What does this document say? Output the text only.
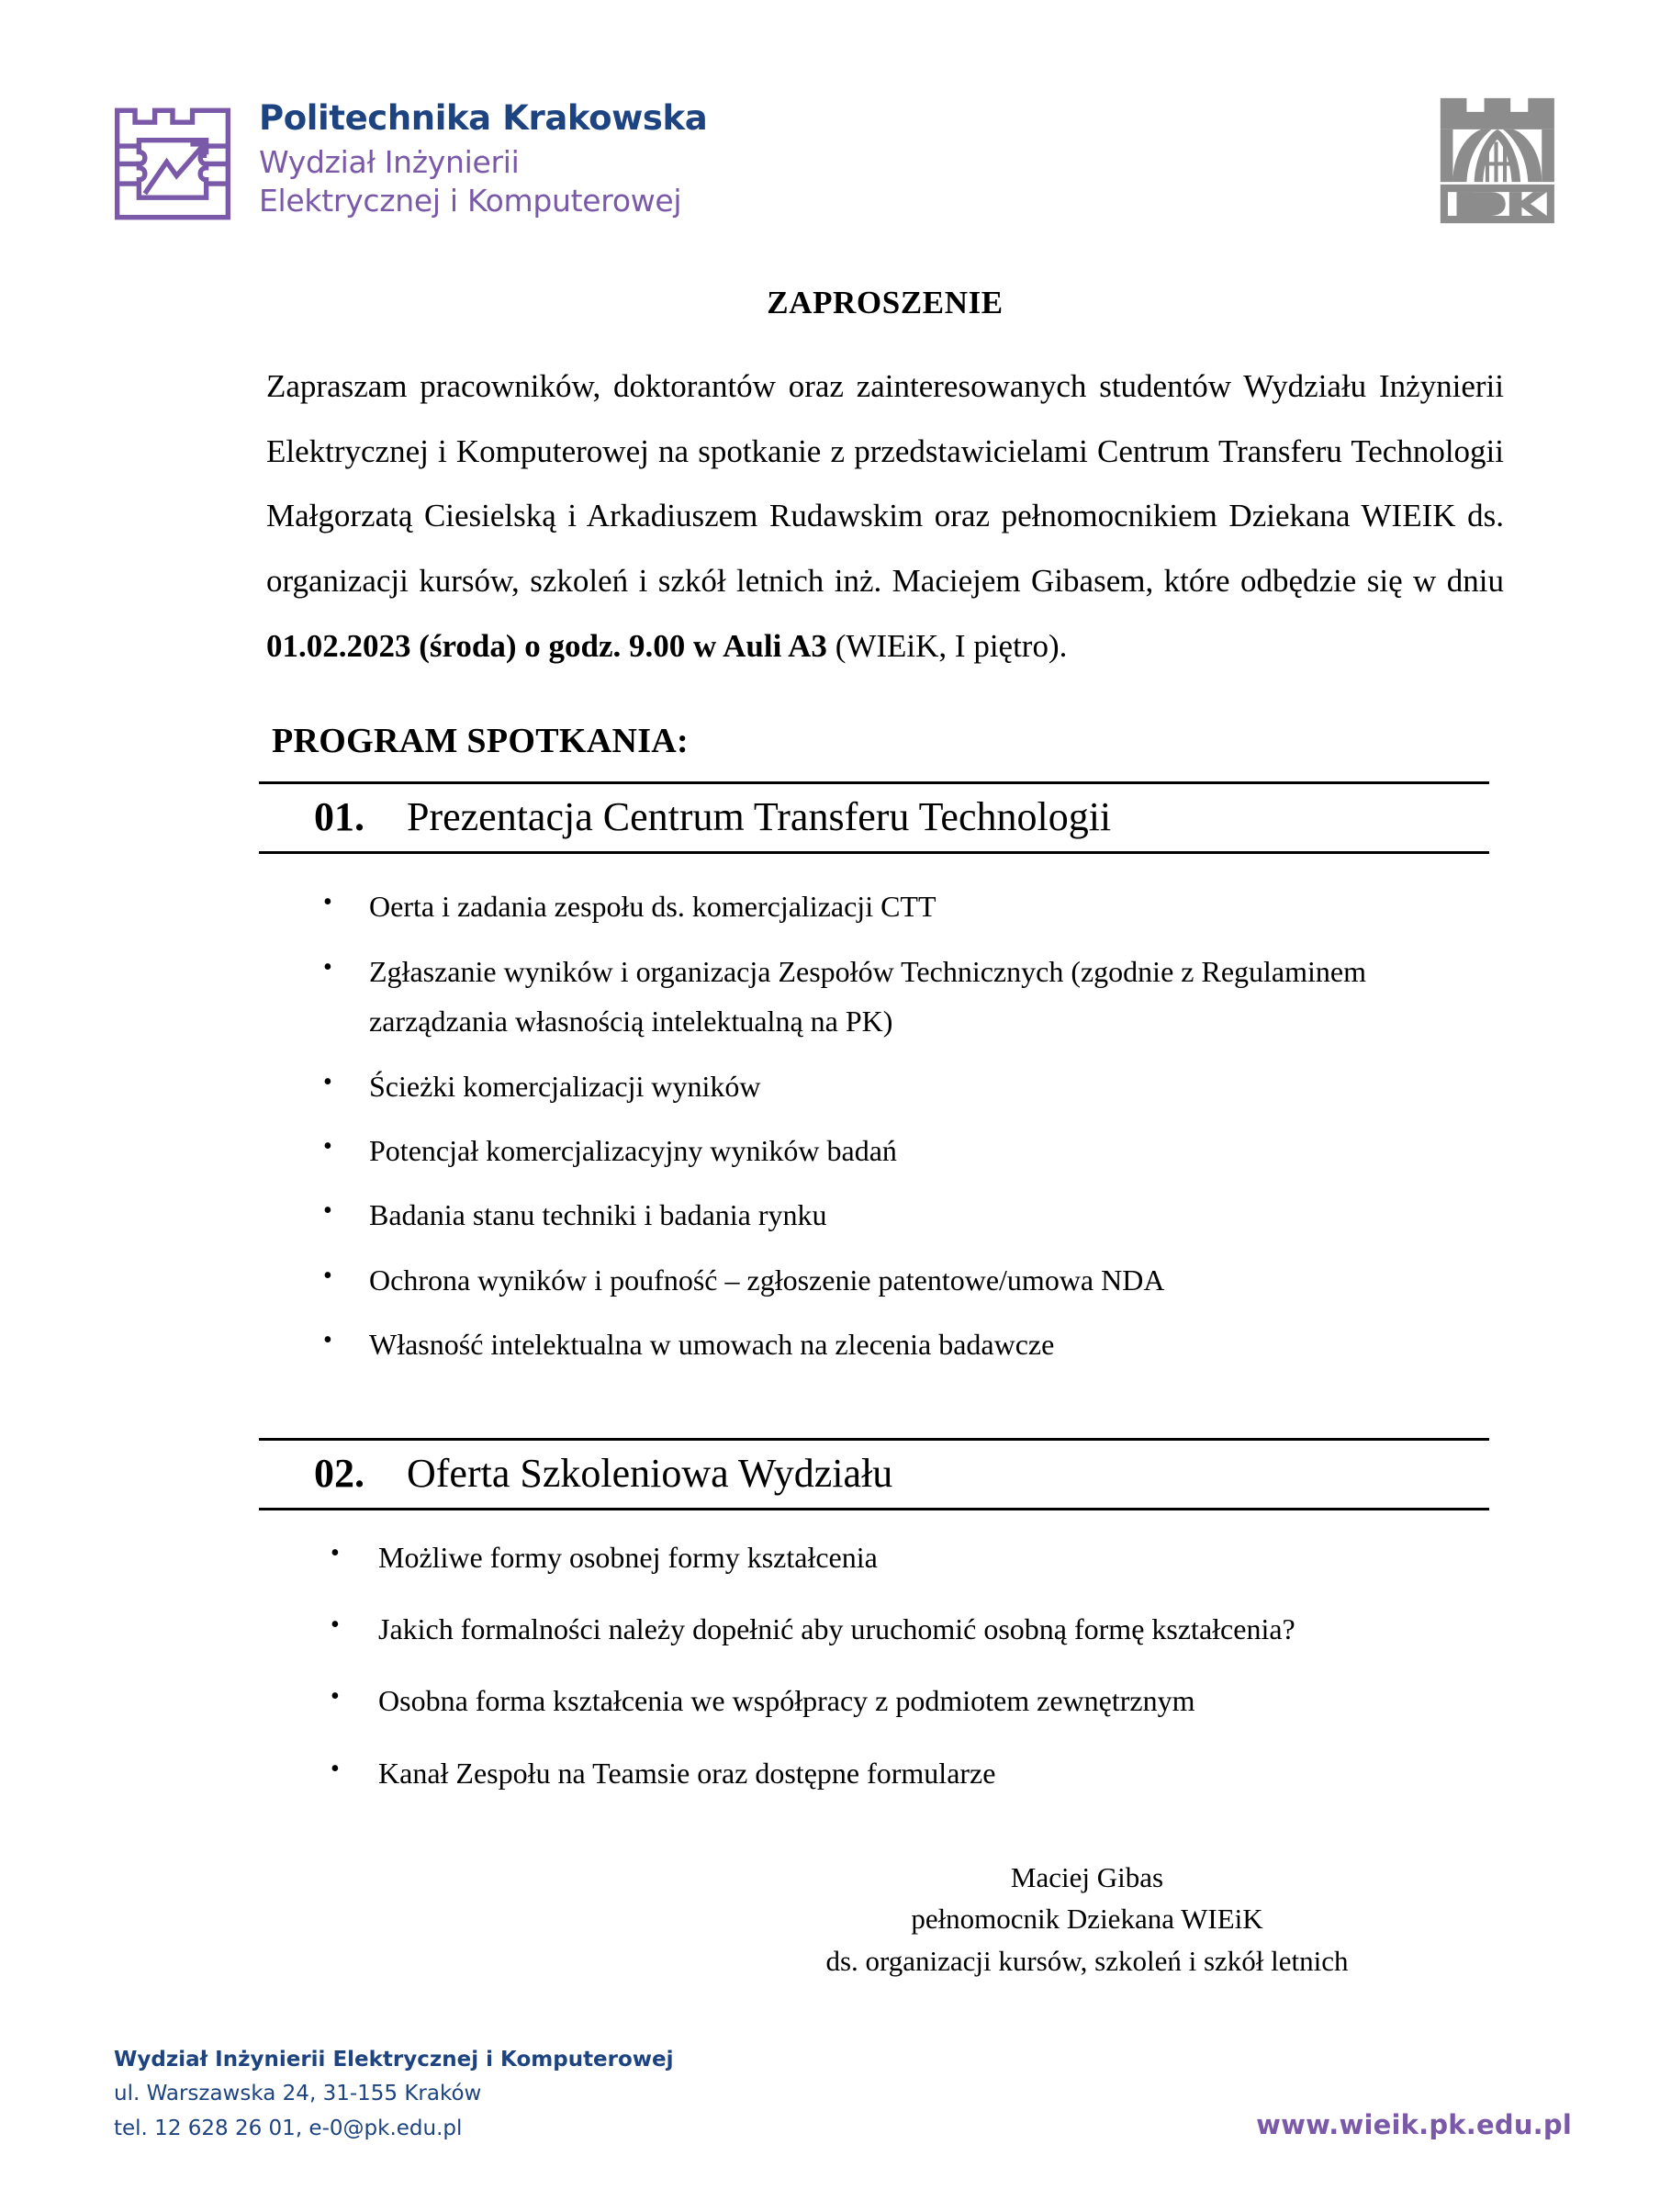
Politechnika Krakowska
Wydział Inżynierii
Elektrycznej i Komputerowej
ZAPROSZENIE

Zapraszam pracowników, doktorantów oraz zainteresowanych studentów Wydziału Inżynierii Elektrycznej i Komputerowej na spotkanie z przedstawicielami Centrum Transferu Technologii Małgorzatą Ciesielską i Arkadiuszem Rudawskim oraz pełnomocnikiem Dziekana WIEIK ds. organizacji kursów, szkoleń i szkół letnich inż. Maciejem Gibasem, które odbędzie się w dniu 01.02.2023 (środa) o godz. 9.00 w Auli A3 (WIEiK, I piętro).

PROGRAM SPOTKANIA:
01. Prezentacja Centrum Transferu Technologii
• Oerta i zadania zespołu ds. komercjalizacji CTT
• Zgłaszanie wyników i organizacja Zespołów Technicznych (zgodnie z Regulaminem zarządzania własnością intelektualną na PK)
• Ścieżki komercjalizacji wyników
• Potencjał komercjalizacyjny wyników badań
• Badania stanu techniki i badania rynku
• Ochrona wyników i poufność – zgłoszenie patentowe/umowa NDA
• Własność intelektualna w umowach na zlecenia badawcze
02. Oferta Szkoleniowa Wydziału
• Możliwe formy osobnej formy kształcenia
• Jakich formalności należy dopełnić aby uruchomić osobną formę kształcenia?
• Osobna forma kształcenia we współpracy z podmiotem zewnętrznym
• Kanał Zespołu na Teamsie oraz dostępne formularze
Maciej Gibas
pełnomocnik Dziekana WIEiK
ds. organizacji kursów, szkoleń i szkół letnich
Wydział Inżynierii Elektrycznej i Komputerowej
ul. Warszawska 24, 31-155 Kraków
tel. 12 628 26 01, e-0@pk.edu.pl	www.wieik.pk.edu.pl
